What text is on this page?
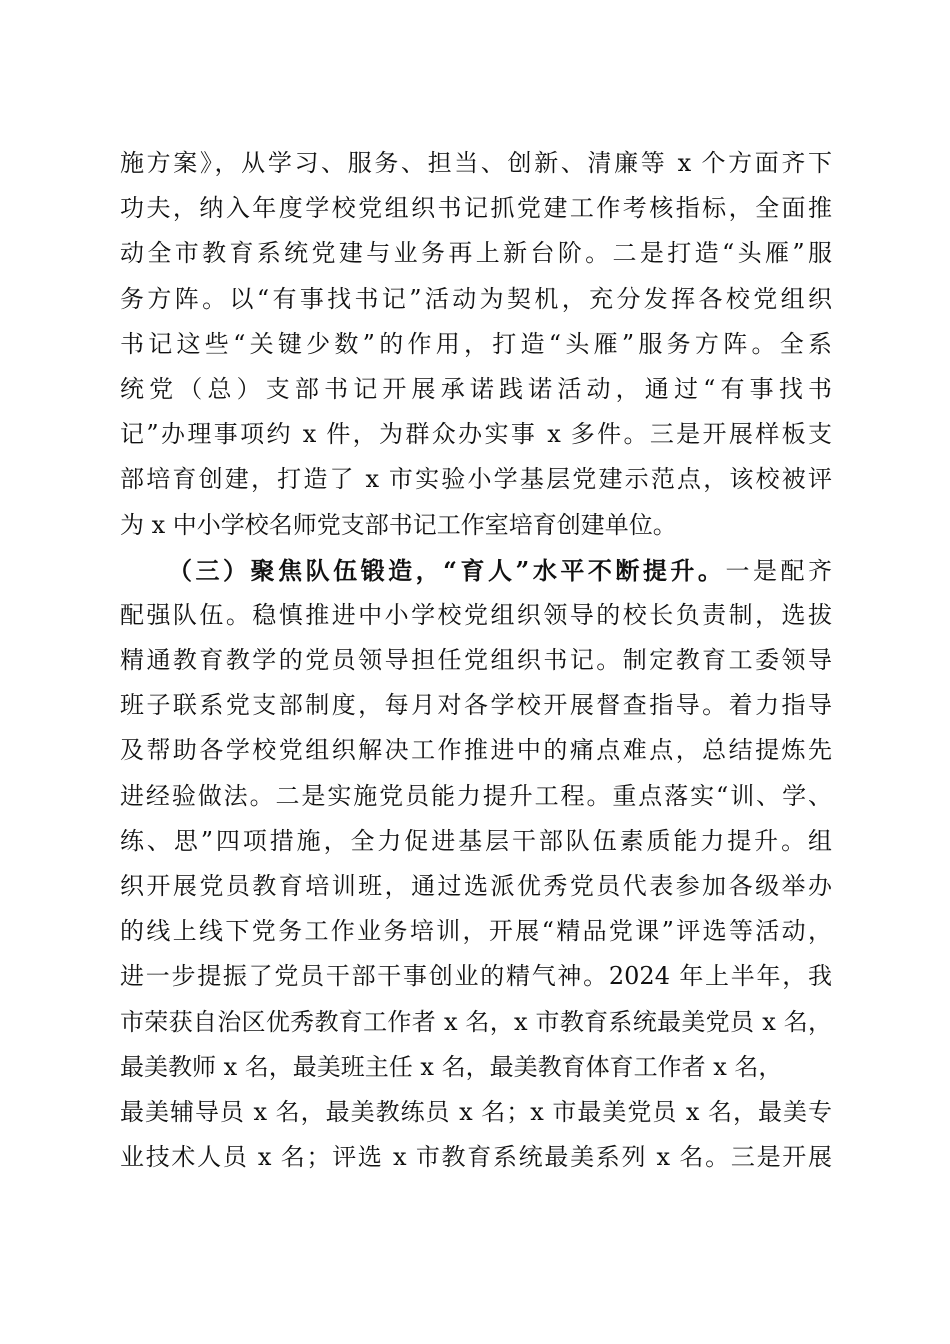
施方案》，从学习、服务、担当、创新、清廉等 x 个方面齐下
功夫，纳入年度学校党组织书记抓党建工作考核指标，全面推
动全市教育系统党建与业务再上新台阶。二是打造“头雁”服
务方阵。以“有事找书记”活动为契机，充分发挥各校党组织
书记这些“关键少数”的作用，打造“头雁”服务方阵。全系
统党（总）支部书记开展承诺践诺活动，通过“有事找书
记”办理事项约 x 件，为群众办实事 x 多件。三是开展样板支
部培育创建，打造了 x 市实验小学基层党建示范点，该校被评
为 x 中小学校名师党支部书记工作室培育创建单位。
（三）聚焦队伍锻造，“育人”水平不断提升。一是配齐
配强队伍。稳慎推进中小学校党组织领导的校长负责制，选拔
精通教育教学的党员领导担任党组织书记。制定教育工委领导
班子联系党支部制度，每月对各学校开展督查指导。着力指导
及帮助各学校党组织解决工作推进中的痛点难点，总结提炼先
进经验做法。二是实施党员能力提升工程。重点落实“训、学、
练、思”四项措施，全力促进基层干部队伍素质能力提升。组
织开展党员教育培训班，通过选派优秀党员代表参加各级举办
的线上线下党务工作业务培训，开展“精品党课”评选等活动，
进一步提振了党员干部干事创业的精气神。2024 年上半年，我
市荣获自治区优秀教育工作者 x 名，x 市教育系统最美党员 x 名，
最美教师 x 名，最美班主任 x 名，最美教育体育工作者 x 名，
最美辅导员 x 名，最美教练员 x 名；x 市最美党员 x 名，最美专
业技术人员 x 名；评选 x 市教育系统最美系列 x 名。三是开展
